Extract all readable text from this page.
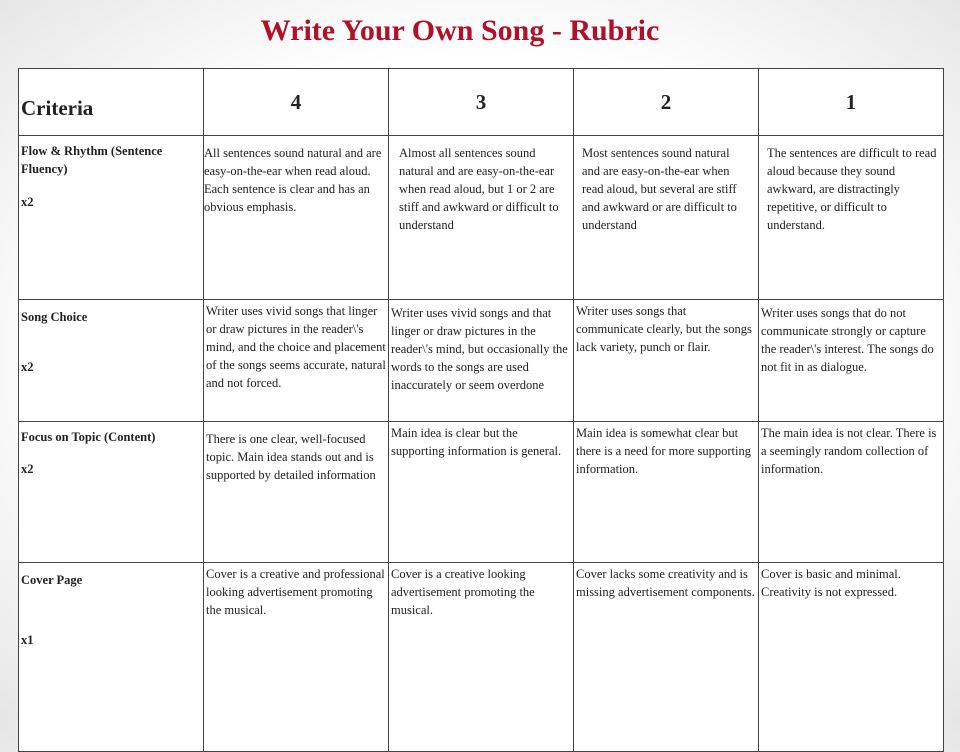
Write Your Own Song - Rubric
Criteria	4	3	2	1

Flow & Rhythm (Sentence Fluency)
x2	All sentences sound natural and are easy-on-the-ear when read aloud. Each sentence is clear and has an obvious emphasis.	Almost all sentences sound natural and are easy-on-the-ear when read aloud, but 1 or 2 are stiff and awkward or difficult to understand	Most sentences sound natural and are easy-on-the-ear when read aloud, but several are stiff and awkward or are difficult to understand	The sentences are difficult to read aloud because they sound awkward, are distractingly repetitive, or difficult to understand.

Song Choice
x2	Writer uses vivid songs that linger or draw pictures in the reader\'s mind, and the choice and placement of the songs seems accurate, natural and not forced.	Writer uses vivid songs and that linger or draw pictures in the reader\'s mind, but occasionally the words to the songs are used inaccurately or seem overdone	Writer uses songs that communicate clearly, but the songs lack variety, punch or flair.	Writer uses songs that do not communicate strongly or capture the reader\'s interest. The songs do not fit in as dialogue.

Focus on Topic (Content)
x2	There is one clear, well-focused topic. Main idea stands out and is supported by detailed information	Main idea is clear but the supporting information is general.	Main idea is somewhat clear but there is a need for more supporting information.	The main idea is not clear. There is a seemingly random collection of information.

Cover Page
x1	Cover is a creative and professional looking advertisement promoting the musical.	Cover is a creative looking advertisement promoting the musical.	Cover lacks some creativity and is missing advertisement components.	Cover is basic and minimal. Creativity is not expressed.
